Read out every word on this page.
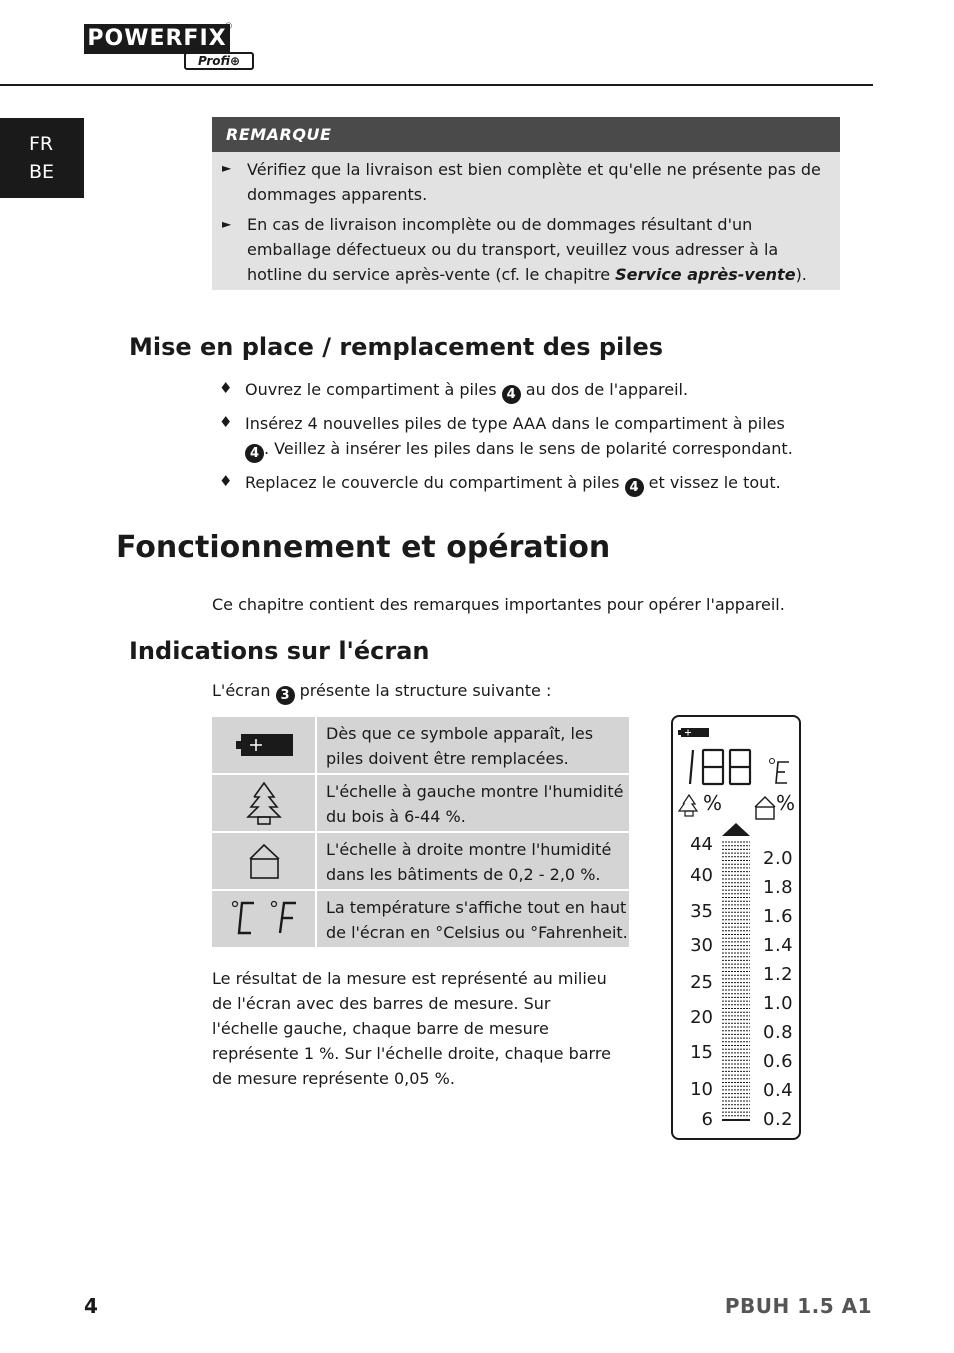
POWERFIX
®
Profi⊕
FR
BE
REMARQUE
► Vérifiez que la livraison est bien complète et qu'elle ne présente pas de dommages apparents.
► En cas de livraison incomplète ou de dommages résultant d'un emballage défectueux ou du transport, veuillez vous adresser à la hotline du service après-vente (cf. le chapitre Service après-vente).
Mise en place / remplacement des piles
♦ Ouvrez le compartiment à piles 4 au dos de l'appareil.
♦ Insérez 4 nouvelles piles de type AAA dans le compartiment à piles 4 . Veillez à insérer les piles dans le sens de polarité correspondant.
♦ Replacez le couvercle du compartiment à piles 4 et vissez le tout.
Fonctionnement et opération
Ce chapitre contient des remarques importantes pour opérer l'appareil.
Indications sur l'écran
L'écran 3 présente la structure suivante :
Dès que ce symbole apparaît, les piles doivent être remplacées.
L'échelle à gauche montre l'humidité du bois à 6-44 %.
L'échelle à droite montre l'humidité dans les bâtiments de 0,2 - 2,0 %.
La température s'affiche tout en haut de l'écran en °Celsius ou °Fahrenheit.
Le résultat de la mesure est représenté au milieu de l'écran avec des barres de mesure. Sur l'échelle gauche, chaque barre de mesure représente 1 %. Sur l'échelle droite, chaque barre de mesure représente 0,05 %.
%	%
44
40
35
30
25
20
15
10
6
2.0
1.8
1.6
1.4
1.2
1.0
0.8
0.6
0.4
0.2
4	PBUH 1.5 A1
